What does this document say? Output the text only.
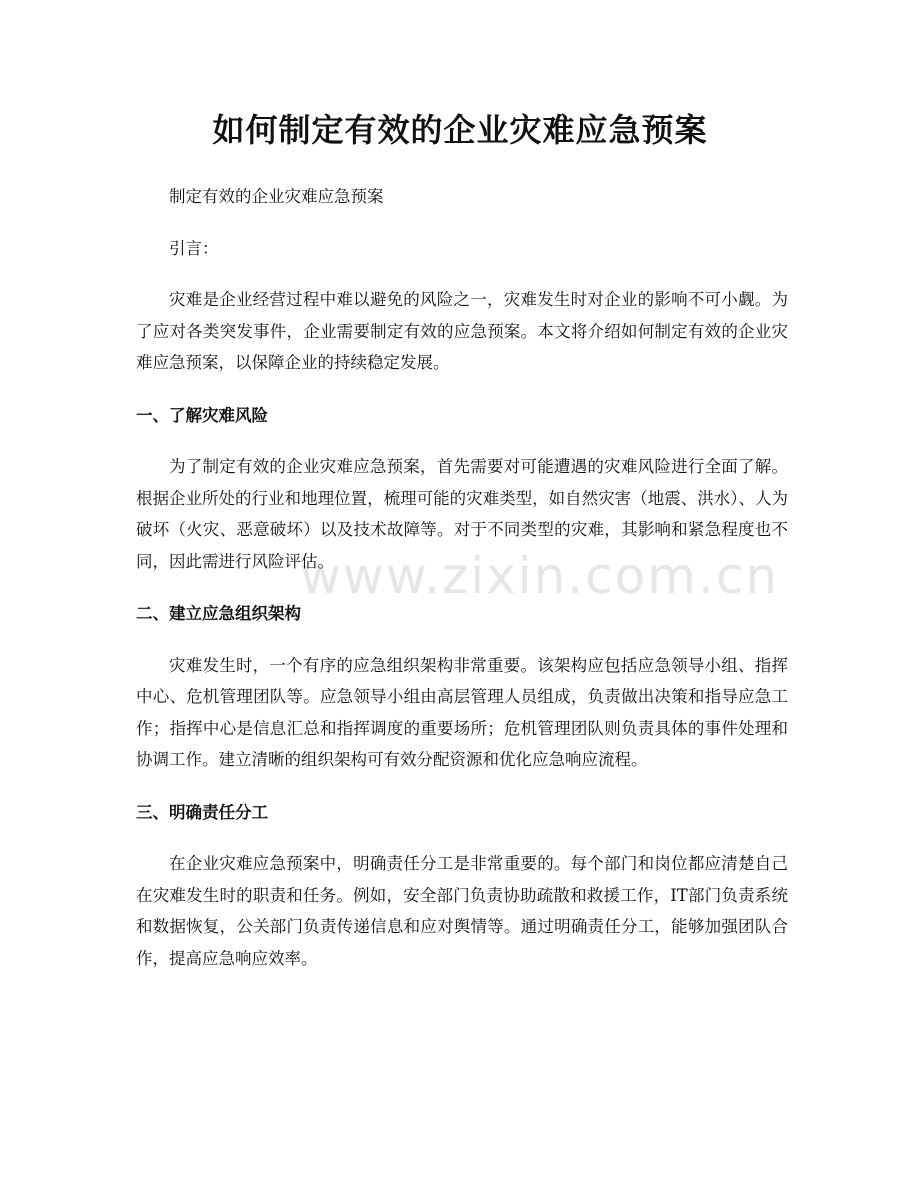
如何制定有效的企业灾难应急预案
www.zixin.com.cn

制定有效的企业灾难应急预案

引言：

灾难是企业经营过程中难以避免的风险之一，灾难发生时对企业的影响不可小觑。为了应对各类突发事件，企业需要制定有效的应急预案。本文将介绍如何制定有效的企业灾难应急预案，以保障企业的持续稳定发展。

一、了解灾难风险

为了制定有效的企业灾难应急预案，首先需要对可能遭遇的灾难风险进行全面了解。根据企业所处的行业和地理位置，梳理可能的灾难类型，如自然灾害（地震、洪水）、人为破坏（火灾、恶意破坏）以及技术故障等。对于不同类型的灾难，其影响和紧急程度也不同，因此需进行风险评估。

二、建立应急组织架构

灾难发生时，一个有序的应急组织架构非常重要。该架构应包括应急领导小组、指挥中心、危机管理团队等。应急领导小组由高层管理人员组成，负责做出决策和指导应急工作；指挥中心是信息汇总和指挥调度的重要场所；危机管理团队则负责具体的事件处理和协调工作。建立清晰的组织架构可有效分配资源和优化应急响应流程。

三、明确责任分工

在企业灾难应急预案中，明确责任分工是非常重要的。每个部门和岗位都应清楚自己在灾难发生时的职责和任务。例如，安全部门负责协助疏散和救援工作，IT部门负责系统和数据恢复，公关部门负责传递信息和应对舆情等。通过明确责任分工，能够加强团队合作，提高应急响应效率。
